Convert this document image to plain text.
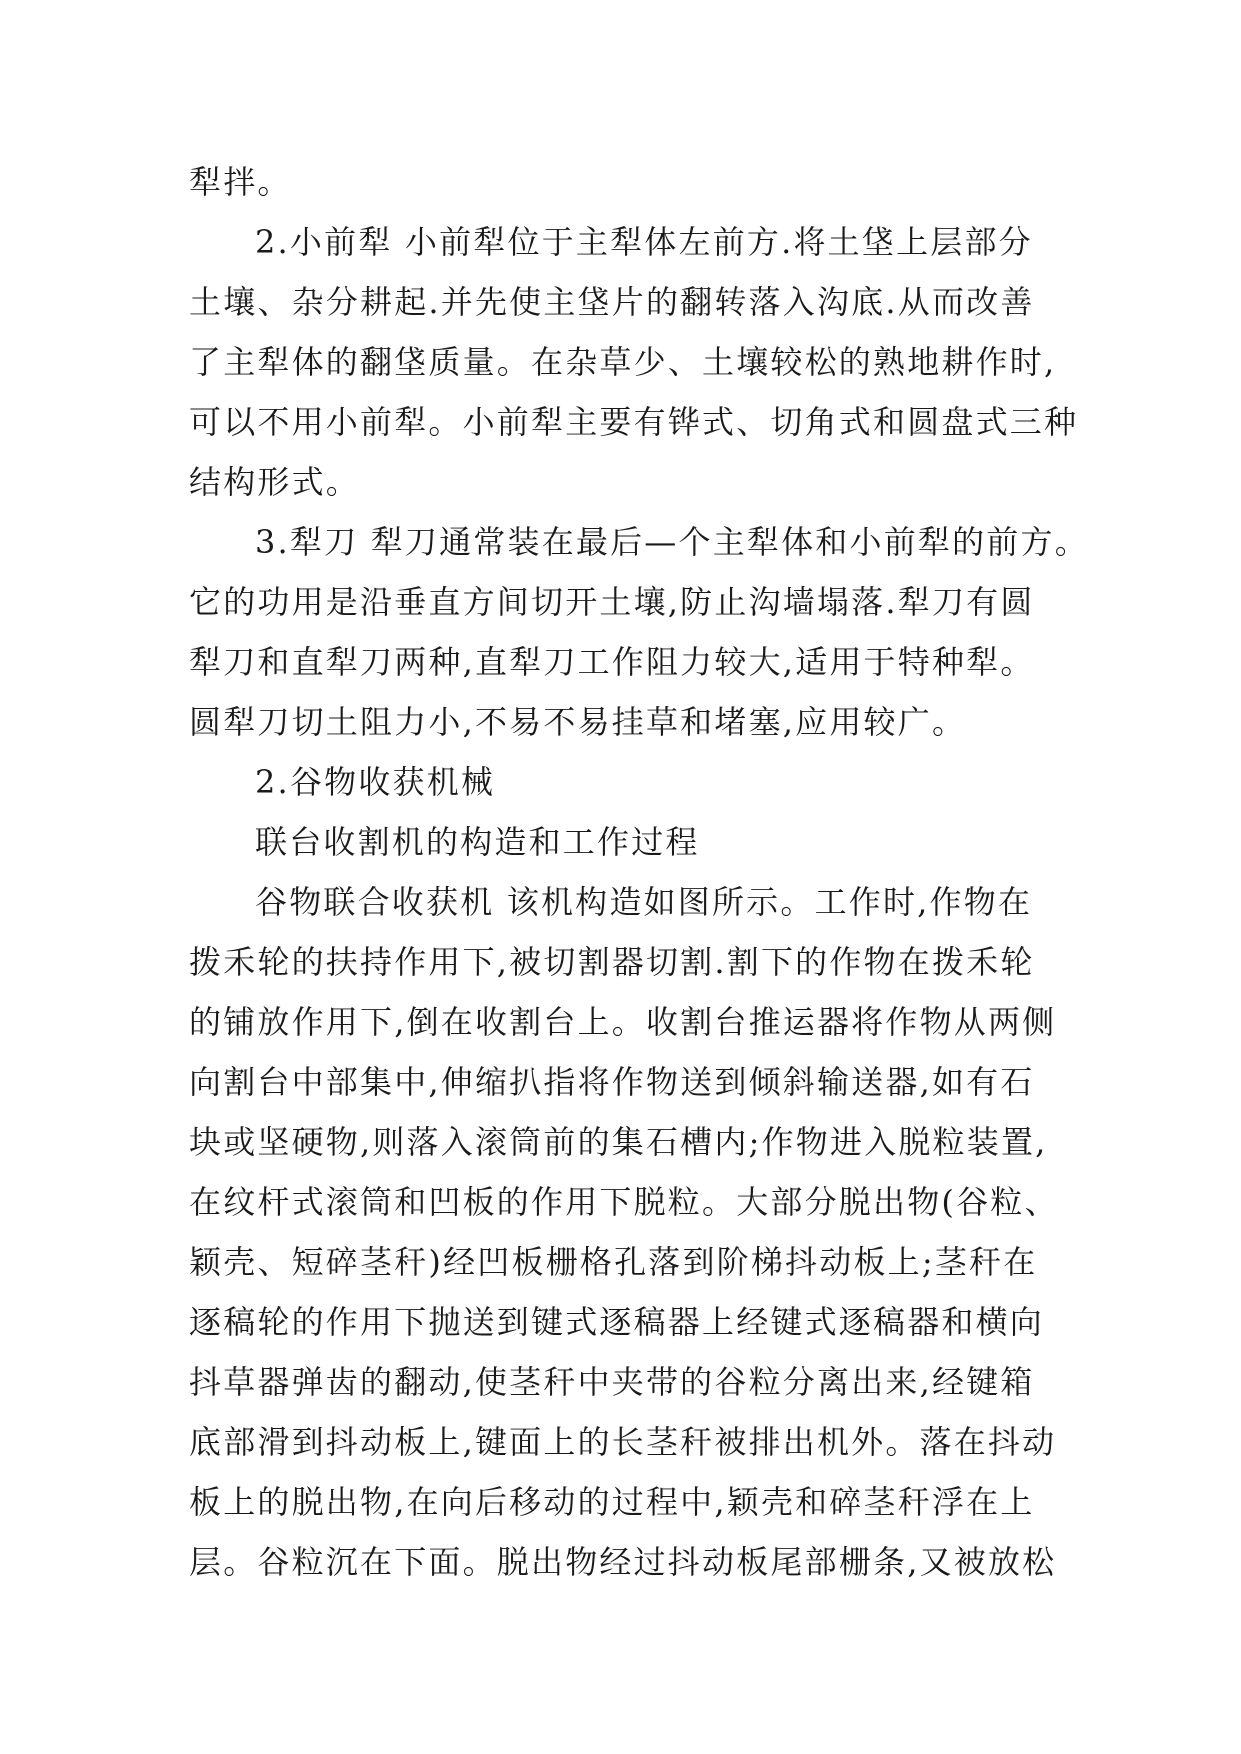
犁拌。
2.小前犁 小前犁位于主犁体左前方.将土垡上层部分
土壤、杂分耕起.并先使主垡片的翻转落入沟底.从而改善
了主犁体的翻垡质量。在杂草少、土壤较松的熟地耕作时,
可以不用小前犁。小前犁主要有铧式、切角式和圆盘式三种
结构形式。
3.犁刀 犁刀通常装在最后—个主犁体和小前犁的前方。
它的功用是沿垂直方间切开土壤,防止沟墙塌落.犁刀有圆
犁刀和直犁刀两种,直犁刀工作阻力较大,适用于特种犁。
圆犁刀切土阻力小,不易不易挂草和堵塞,应用较广。
2.谷物收获机械
联台收割机的构造和工作过程
谷物联合收获机 该机构造如图所示。工作时,作物在
拨禾轮的扶持作用下,被切割器切割.割下的作物在拨禾轮
的铺放作用下,倒在收割台上。收割台推运器将作物从两侧
向割台中部集中,伸缩扒指将作物送到倾斜输送器,如有石
块或坚硬物,则落入滚筒前的集石槽内;作物进入脱粒装置,
在纹杆式滚筒和凹板的作用下脱粒。大部分脱出物(谷粒、
颖壳、短碎茎秆)经凹板栅格孔落到阶梯抖动板上;茎秆在
逐稿轮的作用下抛送到键式逐稿器上经键式逐稿器和横向
抖草器弹齿的翻动,使茎秆中夹带的谷粒分离出来,经键箱
底部滑到抖动板上,键面上的长茎秆被排出机外。落在抖动
板上的脱出物,在向后移动的过程中,颖壳和碎茎秆浮在上
层。谷粒沉在下面。脱出物经过抖动板尾部栅条,又被放松
